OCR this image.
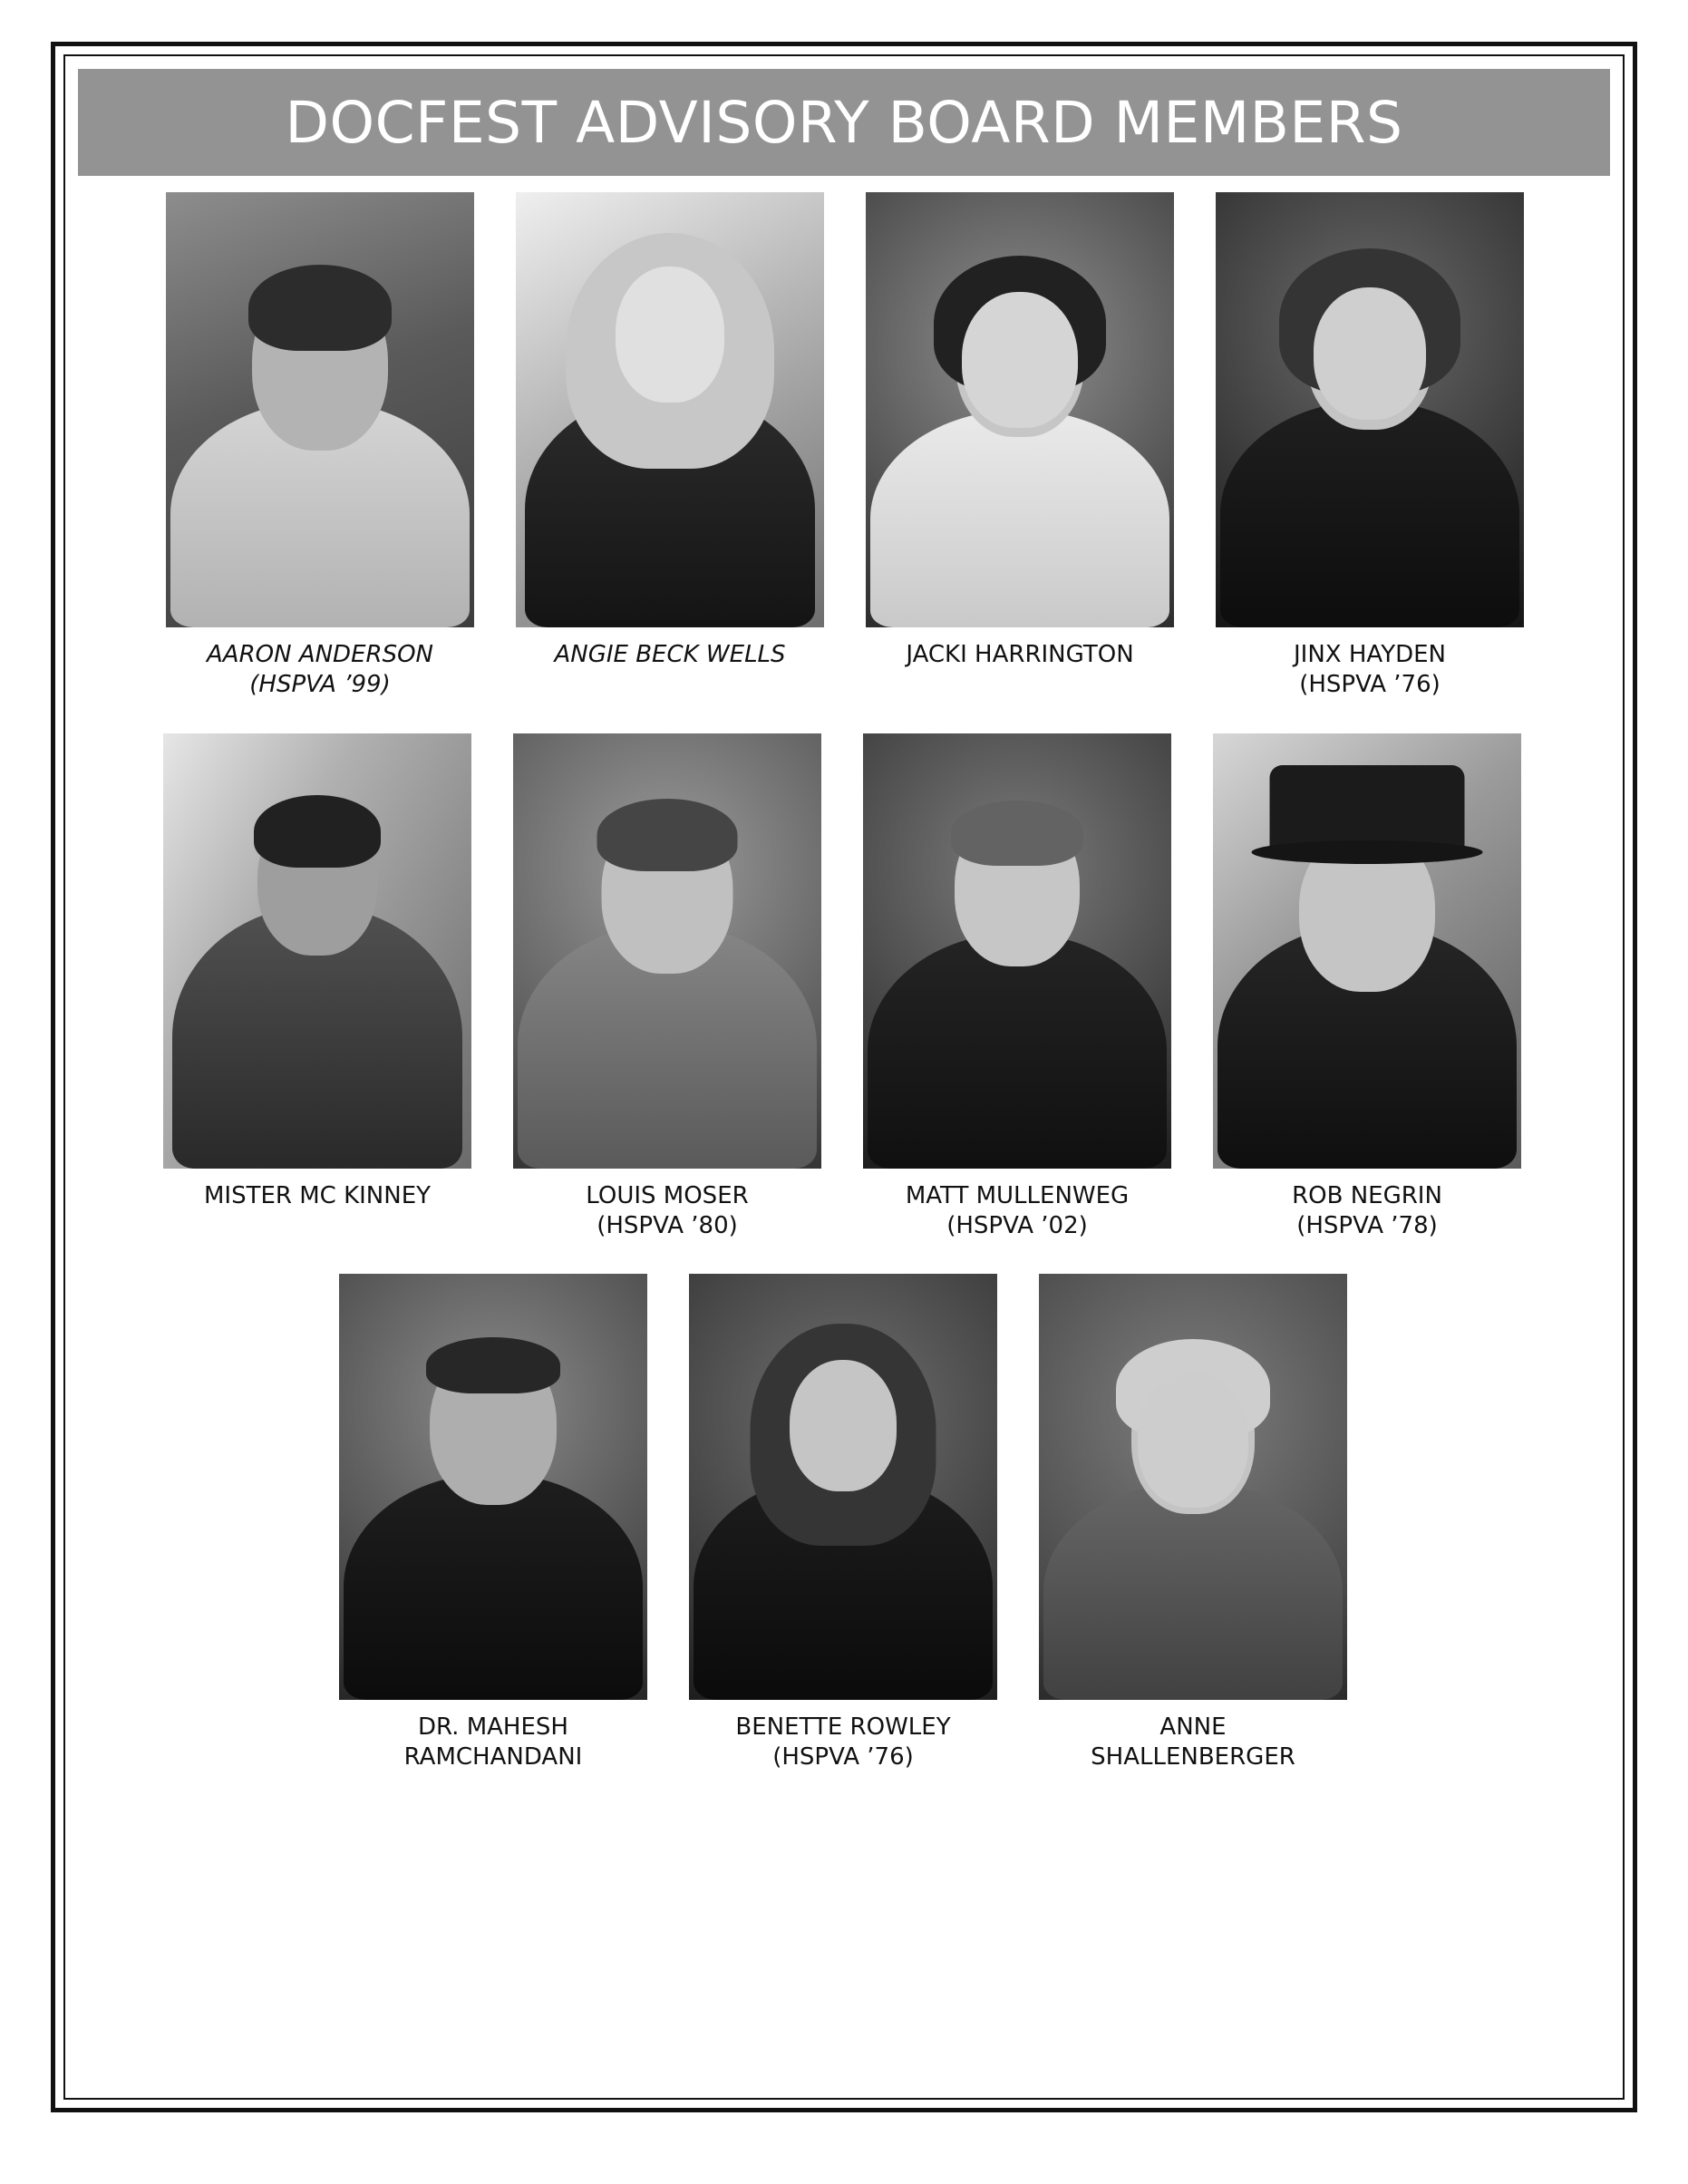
DOCFEST ADVISORY BOARD MEMBERS
AARON ANDERSON
(HSPVA ’99)
ANGIE BECK WELLS	JACKI HARRINGTON	JINX HAYDEN
(HSPVA ’76)
MISTER MC KINNEY	LOUIS MOSER
(HSPVA ’80)
MATT MULLENWEG
(HSPVA ’02)
ROB NEGRIN
(HSPVA ’78)
DR. MAHESH
RAMCHANDANI
BENETTE ROWLEY
(HSPVA ’76)
ANNE
SHALLENBERGER
